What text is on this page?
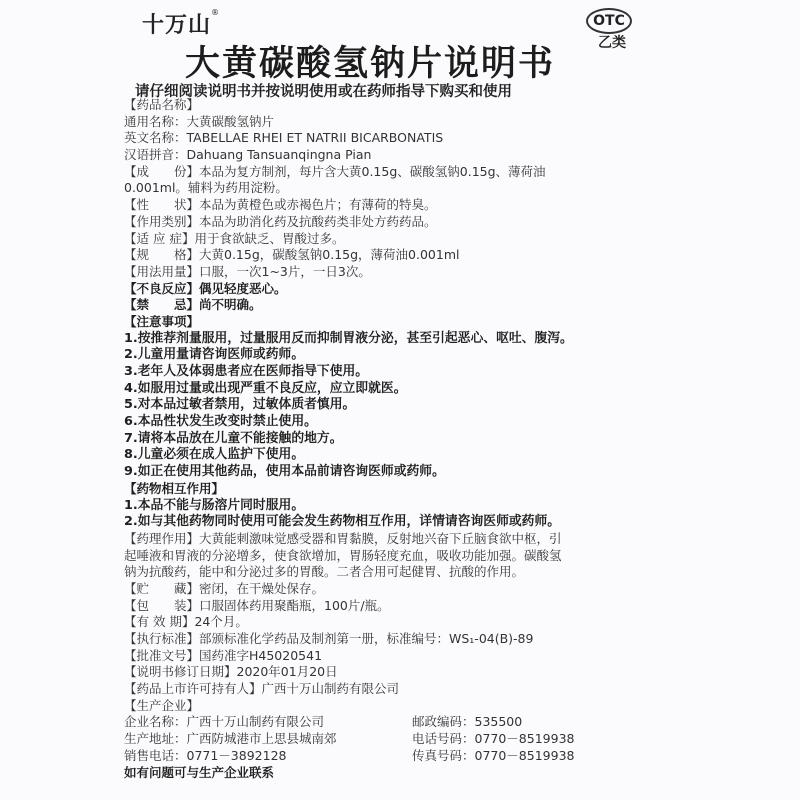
十万山®
OTC
乙类
大黄碳酸氢钠片说明书
请仔细阅读说明书并按说明使用或在药师指导下购买和使用
【药品名称】
通用名称：大黄碳酸氢钠片
英文名称：TABELLAE RHEI ET NATRII BICARBONATIS
汉语拼音：Dahuang Tansuanqingna Pian
【成　　份】本品为复方制剂，每片含大黄0.15g、碳酸氢钠0.15g、薄荷油
0.001ml。辅料为药用淀粉。
【性　　状】本品为黄橙色或赤褐色片；有薄荷的特臭。
【作用类别】本品为助消化药及抗酸药类非处方药药品。
【适 应 症】用于食欲缺乏、胃酸过多。
【规　　格】大黄0.15g，碳酸氢钠0.15g，薄荷油0.001ml
【用法用量】口服，一次1~3片，一日3次。
【不良反应】偶见轻度恶心。
【禁　　忌】尚不明确。
【注意事项】
1.按推荐剂量服用，过量服用反而抑制胃液分泌，甚至引起恶心、呕吐、腹泻。
2.儿童用量请咨询医师或药师。
3.老年人及体弱患者应在医师指导下使用。
4.如服用过量或出现严重不良反应，应立即就医。
5.对本品过敏者禁用，过敏体质者慎用。
6.本品性状发生改变时禁止使用。
7.请将本品放在儿童不能接触的地方。
8.儿童必须在成人监护下使用。
9.如正在使用其他药品，使用本品前请咨询医师或药师。
【药物相互作用】
1.本品不能与肠溶片同时服用。
2.如与其他药物同时使用可能会发生药物相互作用，详情请咨询医师或药师。
【药理作用】大黄能刺激味觉感受器和胃黏膜，反射地兴奋下丘脑食欲中枢，引
起唾液和胃液的分泌增多，使食欲增加，胃肠轻度充血，吸收功能加强。碳酸氢
钠为抗酸药，能中和分泌过多的胃酸。二者合用可起健胃、抗酸的作用。
【贮　　藏】密闭，在干燥处保存。
【包　　装】口服固体药用聚酯瓶，100片/瓶。
【有 效 期】24个月。
【执行标准】部颁标准化学药品及制剂第一册，标准编号：WS₁-04(B)-89
【批准文号】国药准字H45020541
【说明书修订日期】2020年01月20日
【药品上市许可持有人】广西十万山制药有限公司
【生产企业】
企业名称：广西十万山制药有限公司	邮政编码：535500
生产地址：广西防城港市上思县城南郊	电话号码：0770－8519938
销售电话：0771－3892128	传真号码：0770－8519938
如有问题可与生产企业联系
